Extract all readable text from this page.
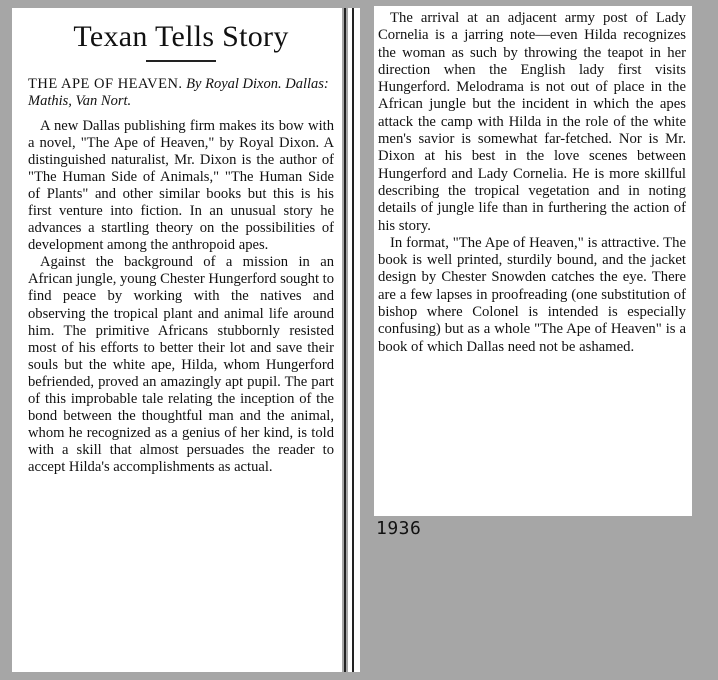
Texan Tells Story

THE APE OF HEAVEN. By Royal Dixon. Dallas: Mathis, Van Nort.

A new Dallas publishing firm makes its bow with a novel, "The Ape of Heaven," by Royal Dixon. A distinguished naturalist, Mr. Dixon is the author of "The Human Side of Animals," "The Human Side of Plants" and other similar books but this is his first venture into fiction. In an unusual story he advances a startling theory on the possibilities of development among the anthropoid apes.

Against the background of a mission in an African jungle, young Chester Hungerford sought to find peace by working with the natives and observing the tropical plant and animal life around him. The primitive Africans stubbornly resisted most of his efforts to better their lot and save their souls but the white ape, Hilda, whom Hungerford befriended, proved an amazingly apt pupil. The part of this improbable tale relating the inception of the bond between the thoughtful man and the animal, whom he recognized as a genius of her kind, is told with a skill that almost persuades the reader to accept Hilda's accomplishments as actual.

The arrival at an adjacent army post of Lady Cornelia is a jarring note—even Hilda recognizes the woman as such by throwing the teapot in her direction when the English lady first visits Hungerford. Melodrama is not out of place in the African jungle but the incident in which the apes attack the camp with Hilda in the role of the white men's savior is somewhat far-fetched. Nor is Mr. Dixon at his best in the love scenes between Hungerford and Lady Cornelia. He is more skillful describing the tropical vegetation and in noting details of jungle life than in furthering the action of his story.

In format, "The Ape of Heaven," is attractive. The book is well printed, sturdily bound, and the jacket design by Chester Snowden catches the eye. There are a few lapses in proofreading (one substitution of bishop where Colonel is intended is especially confusing) but as a whole "The Ape of Heaven" is a book of which Dallas need not be ashamed.

1936
